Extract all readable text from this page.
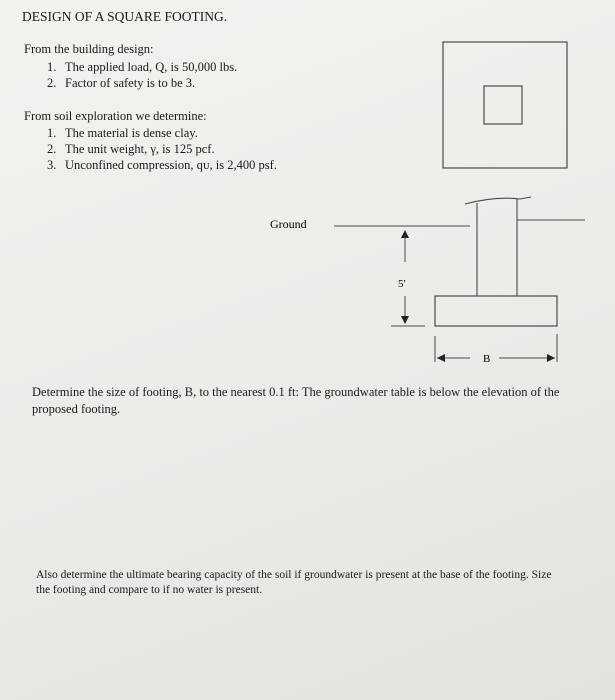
DESIGN OF A SQUARE FOOTING.
From the building design:
1. The applied load, Q, is 50,000 lbs.
2. Factor of safety is to be 3.
From soil exploration we determine:
1. The material is dense clay.
2. The unit weight, γ, is 125 pcf.
3. Unconfined compression, qᴜ, is 2,400 psf.
Ground
5'
B
Determine the size of footing, B, to the nearest 0.1 ft: The groundwater table is below the elevation of the proposed footing.
Also determine the ultimate bearing capacity of the soil if groundwater is present at the base of the footing. Size the footing and compare to if no water is present.
